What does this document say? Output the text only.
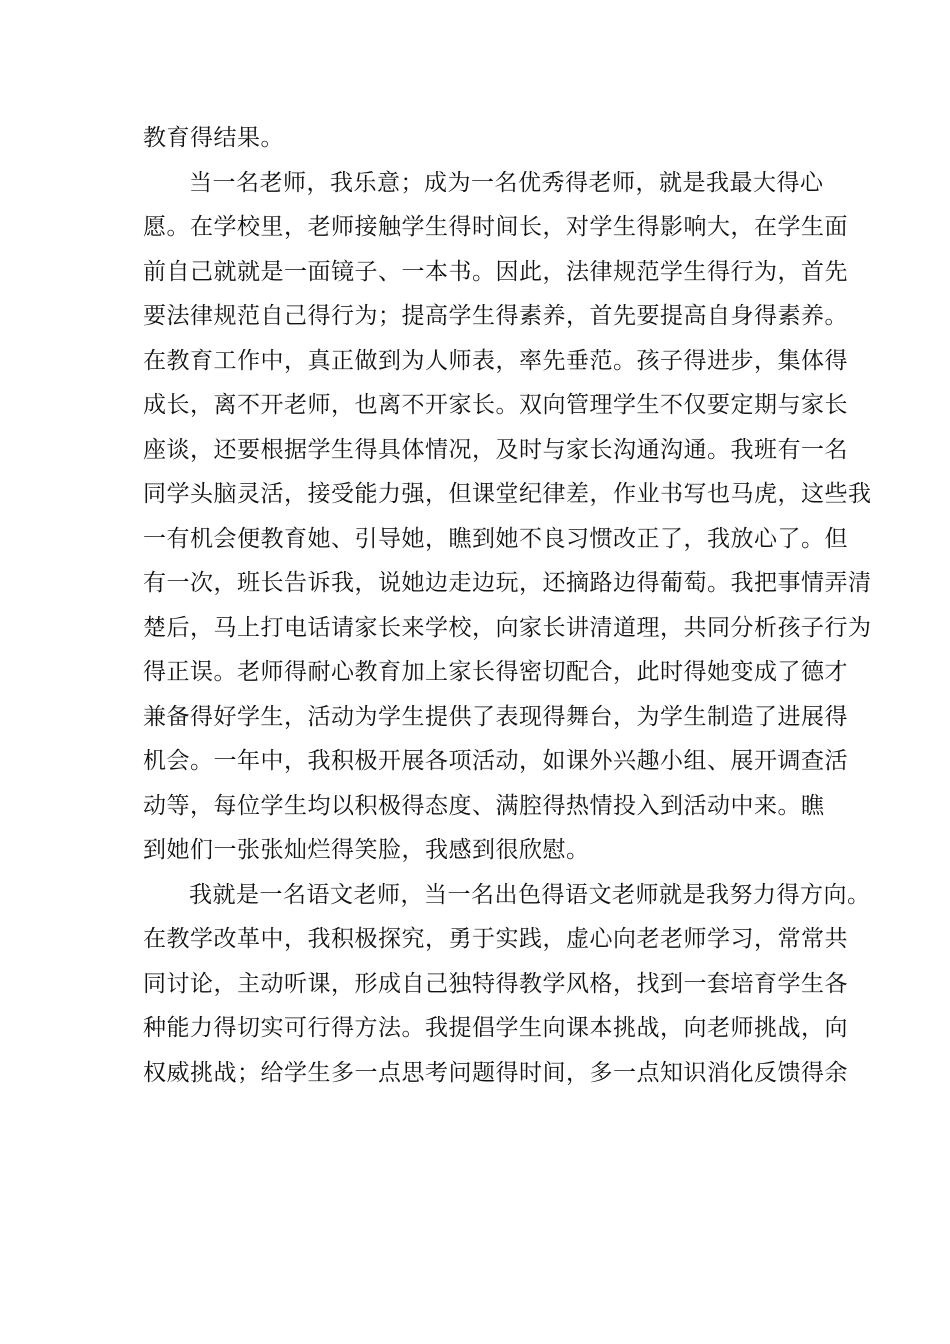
教育得结果。
当一名老师，我乐意；成为一名优秀得老师，就是我最大得心
愿。在学校里，老师接触学生得时间长，对学生得影响大，在学生面
前自己就就是一面镜子、一本书。因此，法律规范学生得行为，首先
要法律规范自己得行为；提高学生得素养，首先要提高自身得素养。
在教育工作中，真正做到为人师表，率先垂范。孩子得进步，集体得
成长，离不开老师，也离不开家长。双向管理学生不仅要定期与家长
座谈，还要根据学生得具体情况，及时与家长沟通沟通。我班有一名
同学头脑灵活，接受能力强，但课堂纪律差，作业书写也马虎，这些我
一有机会便教育她、引导她，瞧到她不良习惯改正了，我放心了。但
有一次，班长告诉我，说她边走边玩，还摘路边得葡萄。我把事情弄清
楚后，马上打电话请家长来学校，向家长讲清道理，共同分析孩子行为
得正误。老师得耐心教育加上家长得密切配合，此时得她变成了德才
兼备得好学生，活动为学生提供了表现得舞台，为学生制造了进展得
机会。一年中，我积极开展各项活动，如课外兴趣小组、展开调查活
动等，每位学生均以积极得态度、满腔得热情投入到活动中来。瞧
到她们一张张灿烂得笑脸，我感到很欣慰。
我就是一名语文老师，当一名出色得语文老师就是我努力得方向。
在教学改革中，我积极探究，勇于实践，虚心向老老师学习，常常共
同讨论，主动听课，形成自己独特得教学风格，找到一套培育学生各
种能力得切实可行得方法。我提倡学生向课本挑战，向老师挑战，向
权威挑战；给学生多一点思考问题得时间，多一点知识消化反馈得余
